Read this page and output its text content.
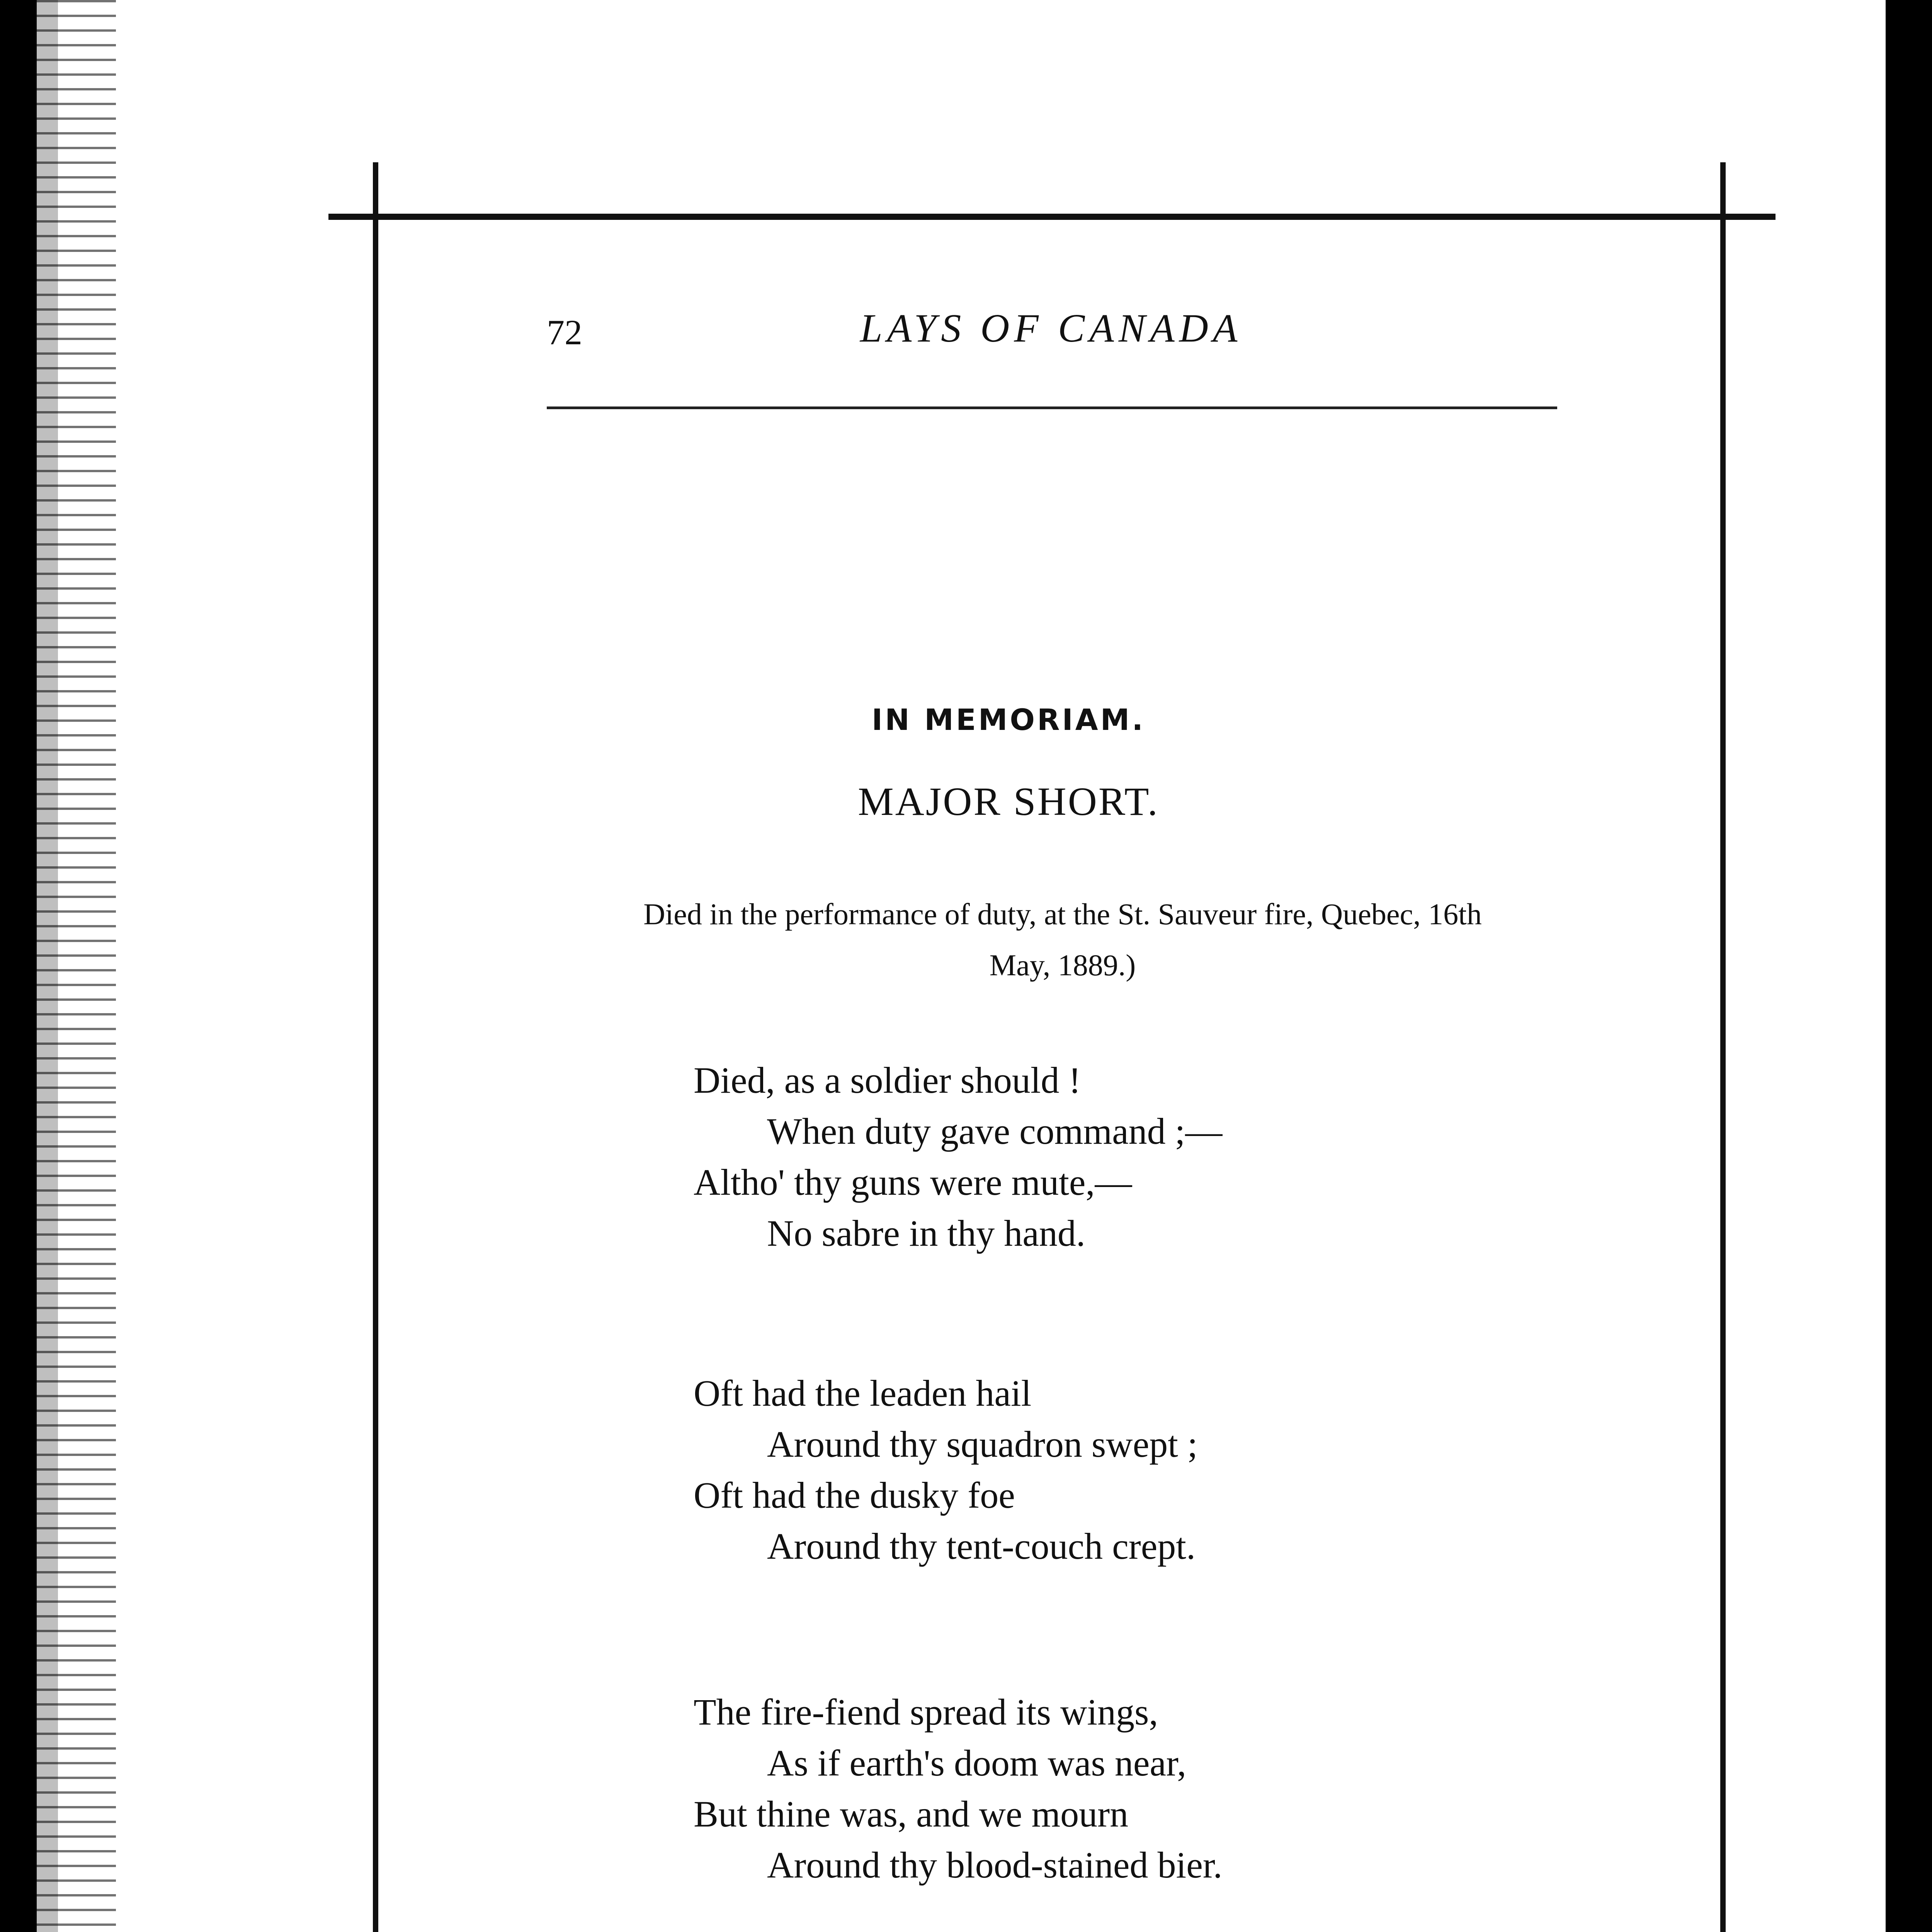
72	LAYS OF CANADA
IN MEMORIAM.
MAJOR SHORT.
Died in the performance of duty, at the St. Sauveur fire, Quebec, 16th
May, 1889.)
Died, as a soldier should !
When duty gave command ;—
Altho' thy guns were mute,—
No sabre in thy hand.
Oft had the leaden hail
Around thy squadron swept ;
Oft had the dusky foe
Around thy tent-couch crept.
The fire-fiend spread its wings,
As if earth's doom was near,
But thine was, and we mourn
Around thy blood-stained bier.
